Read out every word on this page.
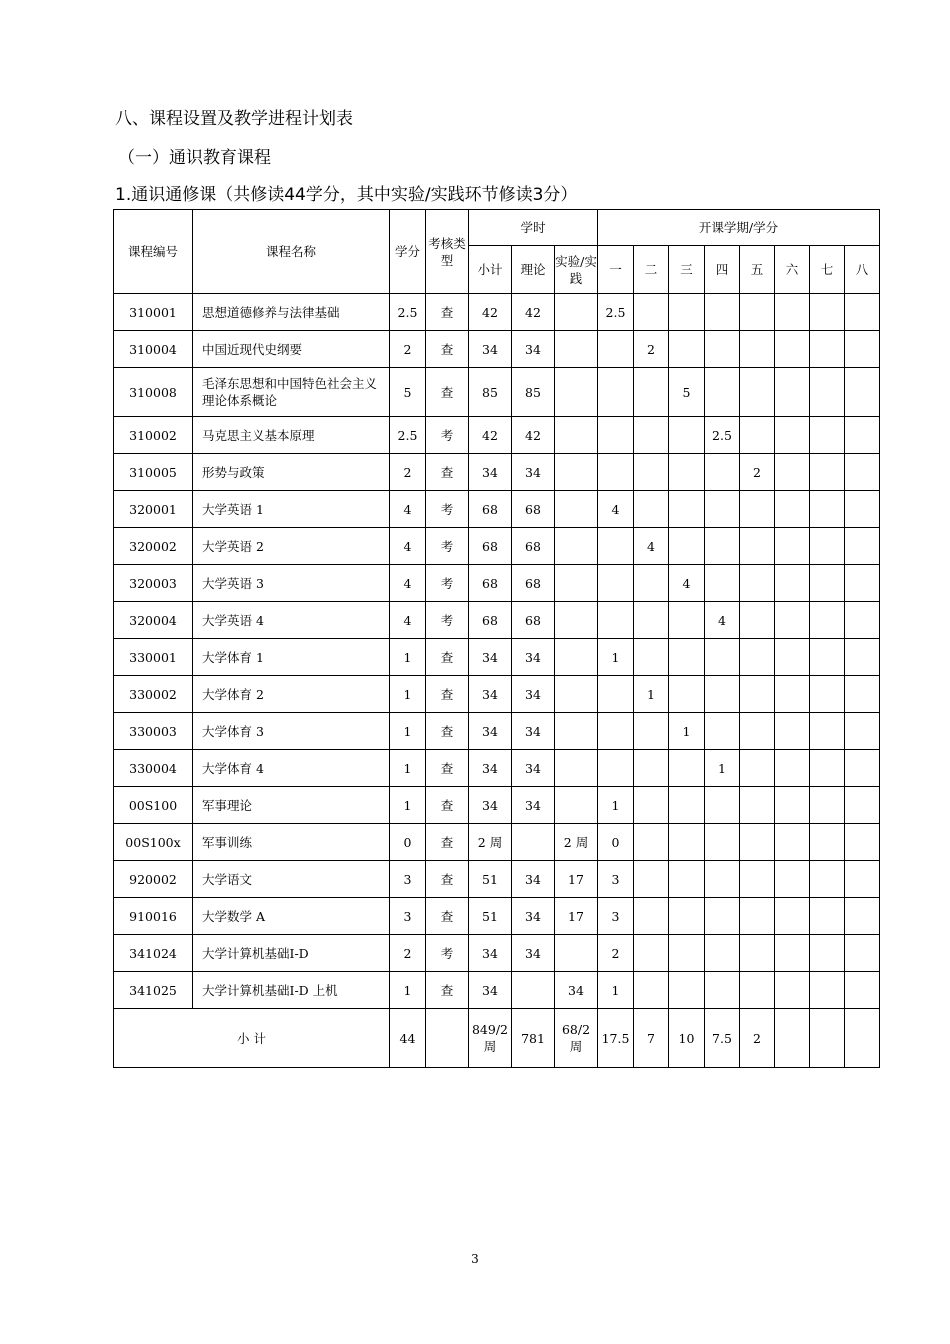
八、课程设置及教学进程计划表
（一）通识教育课程
1.通识通修课（共修读44学分，其中实验/实践环节修读3分）
课程编号	课程名称	学分	考核类型	学时			开课学期/学分							
				小计	理论	实验/实践	一	二	三	四	五	六	七	八
310001	思想道德修养与法律基础	2.5	查	42	42		2.5							
310004	中国近现代史纲要	2	查	34	34			2						
310008	毛泽东思想和中国特色社会主义理论体系概论	5	查	85	85				5					
310002	马克思主义基本原理	2.5	考	42	42					2.5				
310005	形势与政策	2	查	34	34						2			
320001	大学英语 1	4	考	68	68		4							
320002	大学英语 2	4	考	68	68			4						
320003	大学英语 3	4	考	68	68				4					
320004	大学英语 4	4	考	68	68					4				
330001	大学体育 1	1	查	34	34		1							
330002	大学体育 2	1	查	34	34			1						
330003	大学体育 3	1	查	34	34				1					
330004	大学体育 4	1	查	34	34					1				
00S100	军事理论	1	查	34	34		1							
00S100x	军事训练	0	查	2 周		2 周	0							
920002	大学语文	3	查	51	34	17	3							
910016	大学数学 A	3	查	51	34	17	3							
341024	大学计算机基础Ⅰ-D	2	考	34	34		2							
341025	大学计算机基础Ⅰ-D 上机	1	查	34		34	1							
小 计		44		849/2 周	781	68/2 周	17.5	7	10	7.5	2			
3
